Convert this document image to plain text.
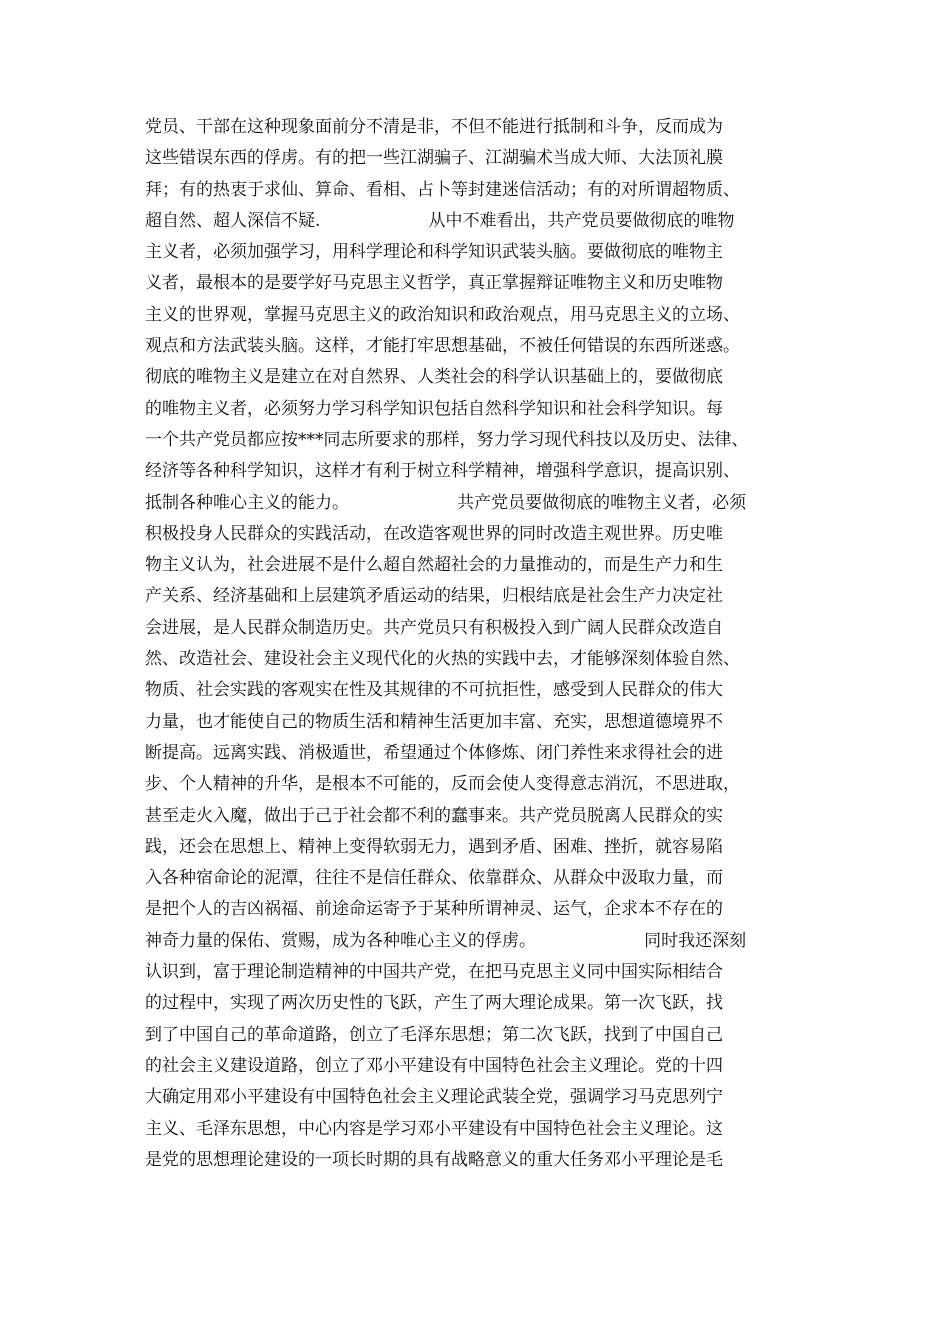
党员、干部在这种现象面前分不清是非，不但不能进行抵制和斗争，反而成为
这些错误东西的俘虏。有的把一些江湖骗子、江湖骗术当成大师、大法顶礼膜
拜；有的热衷于求仙、算命、看相、占卜等封建迷信活动；有的对所谓超物质、
超自然、超人深信不疑.                    从中不难看出，共产党员要做彻底的唯物
主义者，必须加强学习，用科学理论和科学知识武装头脑。要做彻底的唯物主
义者，最根本的是要学好马克思主义哲学，真正掌握辩证唯物主义和历史唯物
主义的世界观，掌握马克思主义的政治知识和政治观点，用马克思主义的立场、
观点和方法武装头脑。这样，才能打牢思想基础，不被任何错误的东西所迷惑。
彻底的唯物主义是建立在对自然界、人类社会的科学认识基础上的，要做彻底
的唯物主义者，必须努力学习科学知识包括自然科学知识和社会科学知识。每
一个共产党员都应按***同志所要求的那样，努力学习现代科技以及历史、法律、
经济等各种科学知识，这样才有利于树立科学精神，增强科学意识，提高识别、
抵制各种唯心主义的能力。                    共产党员要做彻底的唯物主义者，必须
积极投身人民群众的实践活动，在改造客观世界的同时改造主观世界。历史唯
物主义认为，社会进展不是什么超自然超社会的力量推动的，而是生产力和生
产关系、经济基础和上层建筑矛盾运动的结果，归根结底是社会生产力决定社
会进展，是人民群众制造历史。共产党员只有积极投入到广阔人民群众改造自
然、改造社会、建设社会主义现代化的火热的实践中去，才能够深刻体验自然、
物质、社会实践的客观实在性及其规律的不可抗拒性，感受到人民群众的伟大
力量，也才能使自己的物质生活和精神生活更加丰富、充实，思想道德境界不
断提高。远离实践、消极遁世，希望通过个体修炼、闭门养性来求得社会的进
步、个人精神的升华，是根本不可能的，反而会使人变得意志消沉，不思进取，
甚至走火入魔，做出于己于社会都不利的蠢事来。共产党员脱离人民群众的实
践，还会在思想上、精神上变得软弱无力，遇到矛盾、困难、挫折，就容易陷
入各种宿命论的泥潭，往往不是信任群众、依靠群众、从群众中汲取力量，而
是把个人的吉凶祸福、前途命运寄予于某种所谓神灵、运气，企求本不存在的
神奇力量的保佑、赏赐，成为各种唯心主义的俘虏。                    同时我还深刻
认识到，富于理论制造精神的中国共产党，在把马克思主义同中国实际相结合
的过程中，实现了两次历史性的飞跃，产生了两大理论成果。第一次飞跃，找
到了中国自己的革命道路，创立了毛泽东思想；第二次飞跃，找到了中国自己
的社会主义建设道路，创立了邓小平建设有中国特色社会主义理论。党的十四
大确定用邓小平建设有中国特色社会主义理论武装全党，强调学习马克思列宁
主义、毛泽东思想，中心内容是学习邓小平建设有中国特色社会主义理论。这
是党的思想理论建设的一项长时期的具有战略意义的重大任务邓小平理论是毛
